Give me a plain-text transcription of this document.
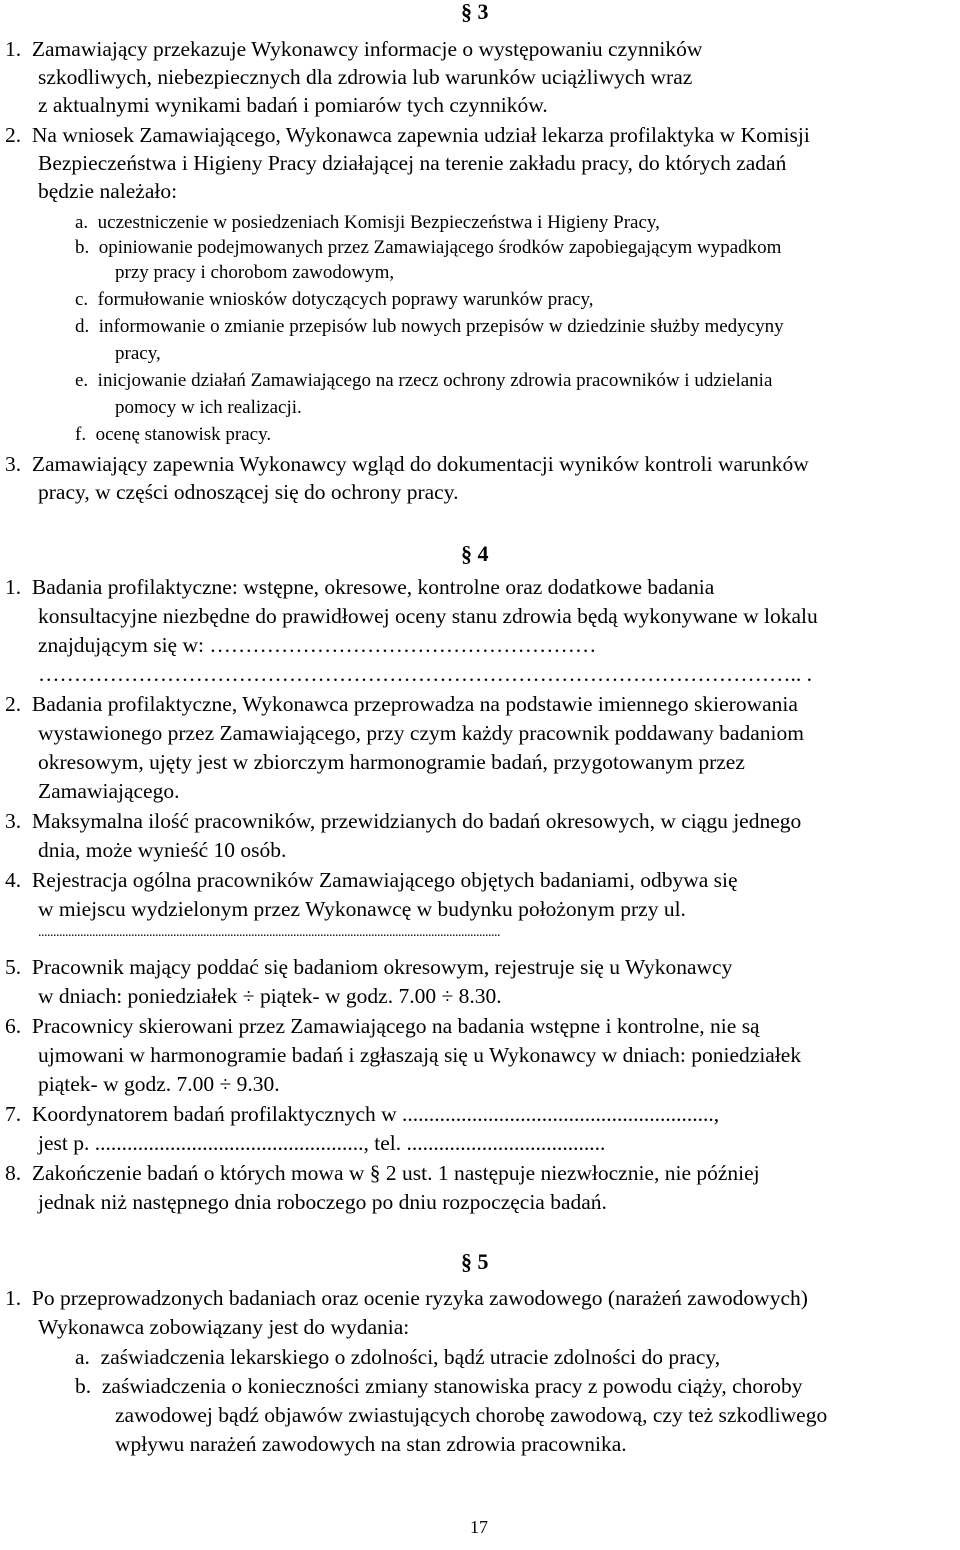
§ 3
1.  Zamawiający przekazuje Wykonawcy informacje o występowaniu czynników
szkodliwych, niebezpiecznych dla zdrowia lub warunków uciążliwych wraz
z aktualnymi wynikami badań i pomiarów tych czynników.
2.  Na wniosek Zamawiającego, Wykonawca zapewnia udział lekarza profilaktyka w Komisji
Bezpieczeństwa i Higieny Pracy działającej na terenie zakładu pracy, do których zadań
będzie należało:
a.  uczestniczenie w posiedzeniach Komisji Bezpieczeństwa i Higieny Pracy,
b.  opiniowanie podejmowanych przez Zamawiającego środków zapobiegającym wypadkom
przy pracy i chorobom zawodowym,
c.  formułowanie wniosków dotyczących poprawy warunków pracy,
d.  informowanie o zmianie przepisów lub nowych przepisów w dziedzinie służby medycyny
pracy,
e.  inicjowanie działań Zamawiającego na rzecz ochrony zdrowia pracowników i udzielania
pomocy w ich realizacji.
f.  ocenę stanowisk pracy.
3.  Zamawiający zapewnia Wykonawcy wgląd do dokumentacji wyników kontroli warunków
pracy, w części odnoszącej się do ochrony pracy.
§ 4
1.  Badania profilaktyczne: wstępne, okresowe, kontrolne oraz dodatkowe badania
konsultacyjne niezbędne do prawidłowej oceny stanu zdrowia będą wykonywane w lokalu
znajdującym się w: ………………………………………………
…………………………………………………………………………………………….. .
2.  Badania profilaktyczne, Wykonawca przeprowadza na podstawie imiennego skierowania
wystawionego przez Zamawiającego, przy czym każdy pracownik poddawany badaniom
okresowym, ujęty jest w zbiorczym harmonogramie badań, przygotowanym przez
Zamawiającego.
3.  Maksymalna ilość pracowników, przewidzianych do badań okresowych, w ciągu jednego
dnia, może wynieść 10 osób.
4.  Rejestracja ogólna pracowników Zamawiającego objętych badaniami, odbywa się
w miejscu wydzielonym przez Wykonawcę w budynku położonym przy ul.
..........................................................................................................................................................
5.  Pracownik mający poddać się badaniom okresowym, rejestruje się u Wykonawcy
w dniach: poniedziałek ÷ piątek- w godz. 7.00 ÷ 8.30.
6.  Pracownicy skierowani przez Zamawiającego na badania wstępne i kontrolne, nie są
ujmowani w harmonogramie badań i zgłaszają się u Wykonawcy w dniach: poniedziałek
piątek- w godz. 7.00 ÷ 9.30.
7.  Koordynatorem badań profilaktycznych w ..........................................................,
jest p. .................................................., tel. .....................................
8.  Zakończenie badań o których mowa w § 2 ust. 1 następuje niezwłocznie, nie później
jednak niż następnego dnia roboczego po dniu rozpoczęcia badań.
§ 5
1.  Po przeprowadzonych badaniach oraz ocenie ryzyka zawodowego (narażeń zawodowych)
Wykonawca zobowiązany jest do wydania:
a.  zaświadczenia lekarskiego o zdolności, bądź utracie zdolności do pracy,
b.  zaświadczenia o konieczności zmiany stanowiska pracy z powodu ciąży, choroby
zawodowej bądź objawów zwiastujących chorobę zawodową, czy też szkodliwego
wpływu narażeń zawodowych na stan zdrowia pracownika.
17
